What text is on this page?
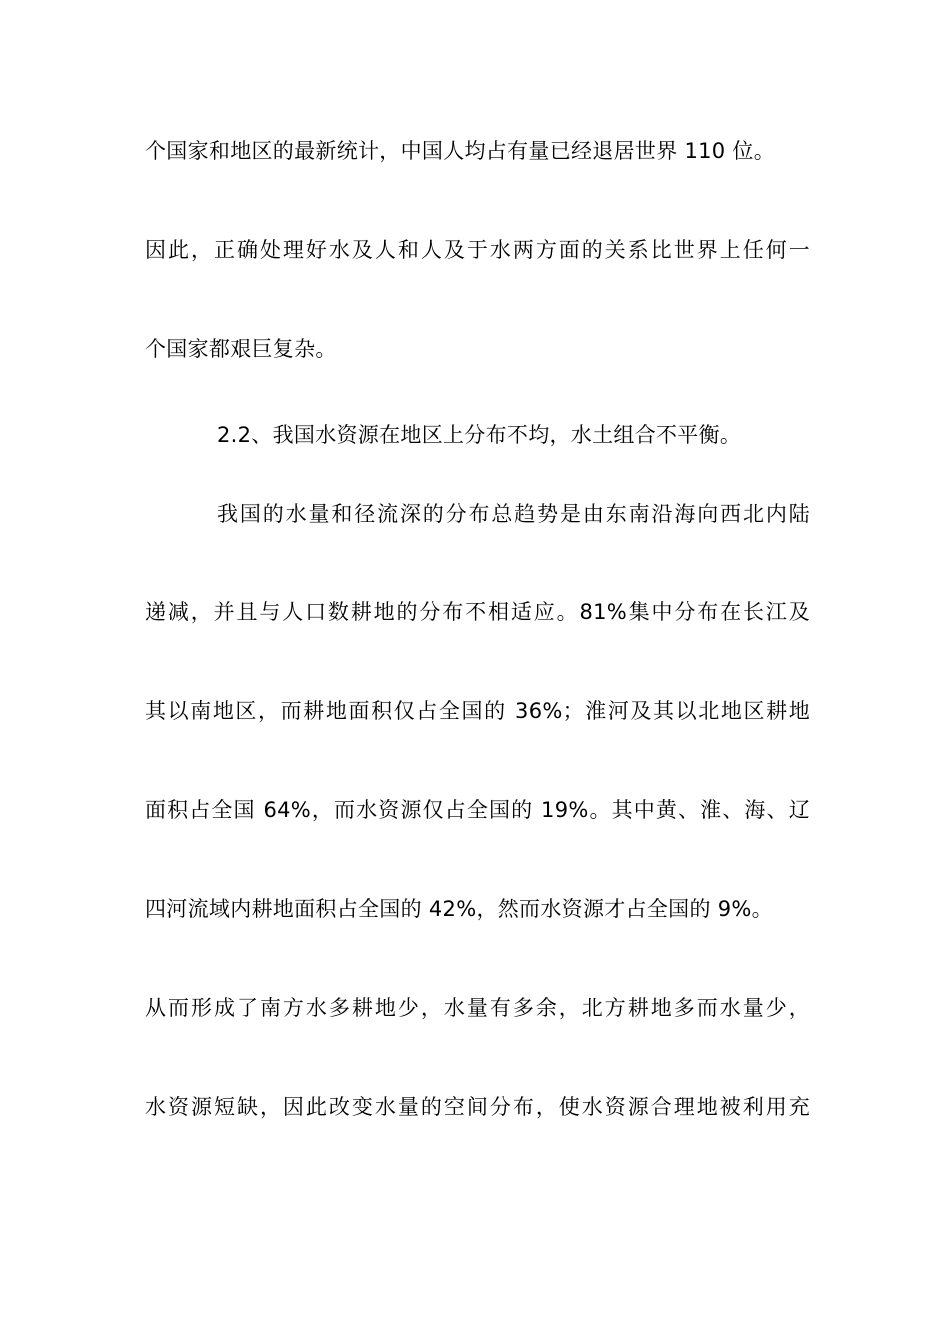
个国家和地区的最新统计，中国人均占有量已经退居世界 110 位。
因此，正确处理好水及人和人及于水两方面的关系比世界上任何一
个国家都艰巨复杂。
2.2、我国水资源在地区上分布不均，水土组合不平衡。
我国的水量和径流深的分布总趋势是由东南沿海向西北内陆
递减，并且与人口数耕地的分布不相适应。81%集中分布在长江及
其以南地区，而耕地面积仅占全国的 36%；淮河及其以北地区耕地
面积占全国 64%，而水资源仅占全国的 19%。其中黄、淮、海、辽
四河流域内耕地面积占全国的 42%，然而水资源才占全国的 9%。
从而形成了南方水多耕地少，水量有多余，北方耕地多而水量少，
水资源短缺，因此改变水量的空间分布，使水资源合理地被利用充
